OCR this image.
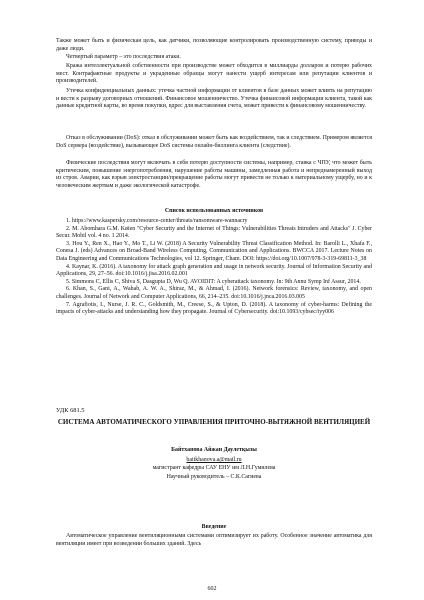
Также может быть и физическая цель, как датчики, позволяющие контролировать производственную систему, приводы и даже люди.

Четвертый параметр – это последствия атаки.

Кража интеллектуальной собственности при производстве может обходится в миллиарды долларов и потерю рабочих мест. Контрафактные продукты и украденные образцы могут нанести ущерб интересам или репутации клиентов и производителей.

Утечка конфиденциальных данных: утечка частной информации от клиентов в базе данных может влиять на репутацию и вести к разрыву договорных отношений. Финансовое мошенничество. Утечка финансовой информации клиента, такой как данные кредитной карты, во время покупки, вдрес для выставления счета, может привести к финансовому мошенничеству.

Отказ в обслуживании (DoS): отказ в обслуживании может быть как воздействием, так и следствием. Примером является DoS сервера (воздействие), вызывающее DoS системы онлайн-биллинга клиента (следствие).

Физические последствия могут включать в себя потерю доступности системы, например, ставка с ЧПУ, что может быть критическим, повышение энергопотребления, нарушение работы машины, замедленная работа и непреднамеренный выход из строя. Аварии, как взрыв электростанции/прекращение работы могут привести не только к материальному ущербу, но и к человеческим жертвам и даже экологической катастрофе.

Список использованных источников

1. https://www.kaspersky.com/resource-center/threats/ransomware-wannacry
2. M. Abomhara G.M. Køien "Cyber Security and the Internet of Things: Vulnerabilities Threats Intruders and Attacks" J. Cyber Secur. Mobil vol. 4 no. 1 2014.
3. Hou Y., Ren X., Hao Y., Mo T., Li W. (2018) A Security Vulnerability Threat Classification Method. In: Barolli L., Xhafa F., Conesa J. (eds) Advances on Broad-Band Wireless Computing, Communication and Applications. BWCCA 2017. Lecture Notes on Data Engineering and Communications Technologies, vol 12. Springer, Cham. DOI: https://doi.org/10.1007/978-3-319-69811-3_38
4. Kaynar, K. (2016). A taxonomy for attack graph generation and usage in network security. Journal of Information Security and Applications, 29, 27–56. doi:10.1016/j.jisa.2016.02.001
5. Simmons C, Ellis C, Shiva S, Dasgupta D, Wu Q. AVOIDIT: A cyberattack taxonomy. In: 9th Annu Symp Inf Assur, 2014.
6. Khan, S., Gani, A., Wahab, A. W. A., Shiraz, M., & Ahmad, I. (2016). Network forensics: Review, taxonomy, and open challenges. Journal of Network and Computer Applications, 66, 214–235. doi:10.1016/j.jnca.2016.03.005
7. Agrafiotis, I., Nurse, J. R. C., Goldsmith, M., Creese, S., & Upton, D. (2018). A taxonomy of cyber-harms: Defining the impacts of cyber-attacks and understanding how they propagate. Journal of Cybersecurity. doi:10.1093/cybsec/tyy006
УДК 681.5

СИСТЕМА АВТОМАТИЧЕСКОГО УПРАВЛЕНИЯ ПРИТОЧНО-ВЫТЯЖНОЙ ВЕНТИЛЯЦИЕЙ

Байтханова Айжан Даулетқызы

baitkhanova.a@mail.ru

магистрант кафедры САУ ЕНУ им Л.Н.Гумилева

Научный руководитель – С.К.Сагиева

Введение

Автоматическое управление вентиляционными системами оптимизирует их работу. Особенное значение автоматика для вентиляции имеет при возведении больших зданий. Здесь

602
